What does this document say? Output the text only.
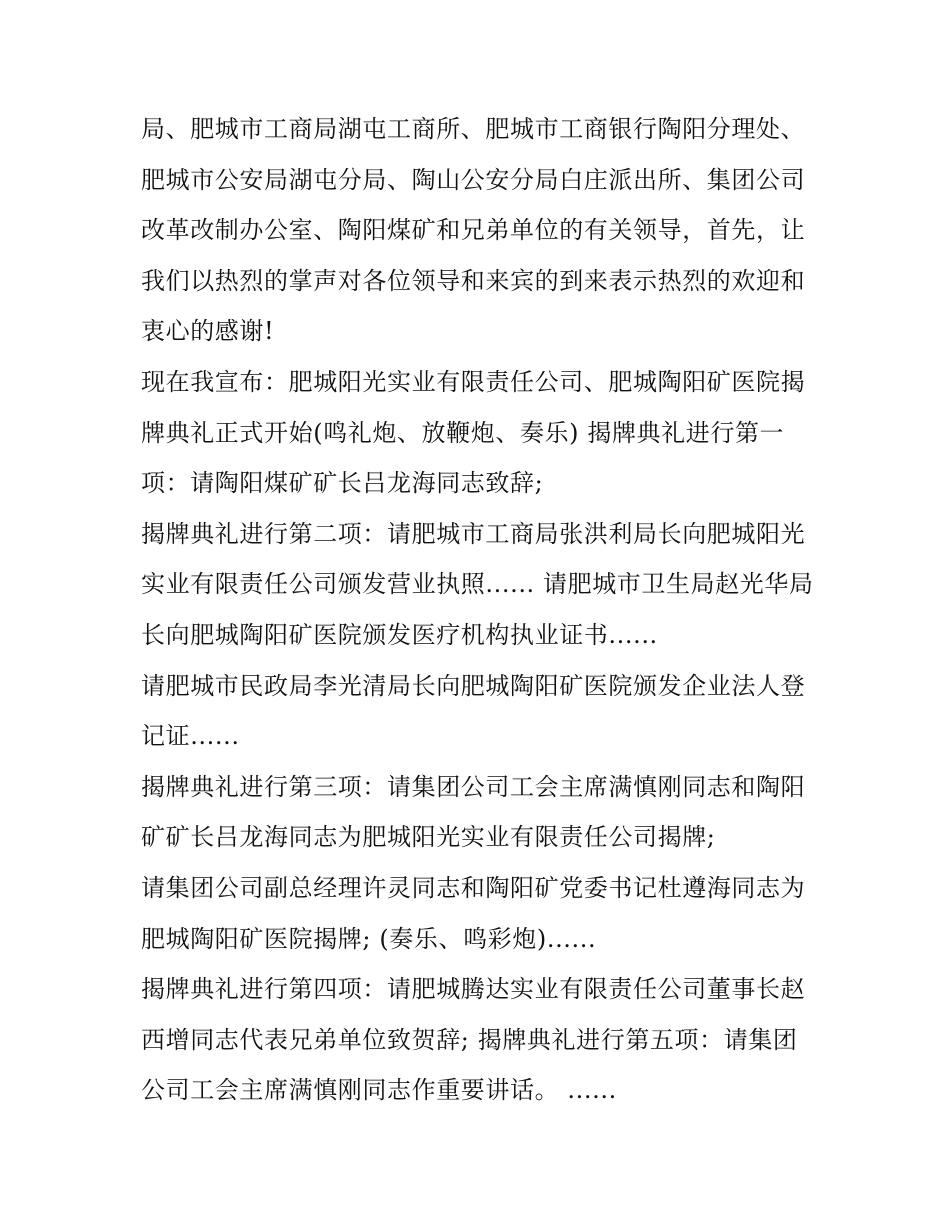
局、肥城市工商局湖屯工商所、肥城市工商银行陶阳分理处、
肥城市公安局湖屯分局、陶山公安分局白庄派出所、集团公司
改革改制办公室、陶阳煤矿和兄弟单位的有关领导，首先，让
我们以热烈的掌声对各位领导和来宾的到来表示热烈的欢迎和
衷心的感谢!
现在我宣布：肥城阳光实业有限责任公司、肥城陶阳矿医院揭
牌典礼正式开始(鸣礼炮、放鞭炮、奏乐) 揭牌典礼进行第一
项：请陶阳煤矿矿长吕龙海同志致辞;
揭牌典礼进行第二项：请肥城市工商局张洪利局长向肥城阳光
实业有限责任公司颁发营业执照...... 请肥城市卫生局赵光华局
长向肥城陶阳矿医院颁发医疗机构执业证书......
请肥城市民政局李光清局长向肥城陶阳矿医院颁发企业法人登
记证......
揭牌典礼进行第三项：请集团公司工会主席满慎刚同志和陶阳
矿矿长吕龙海同志为肥城阳光实业有限责任公司揭牌;
请集团公司副总经理许灵同志和陶阳矿党委书记杜遵海同志为
肥城陶阳矿医院揭牌; (奏乐、鸣彩炮)......
揭牌典礼进行第四项：请肥城腾达实业有限责任公司董事长赵
西增同志代表兄弟单位致贺辞; 揭牌典礼进行第五项：请集团
公司工会主席满慎刚同志作重要讲话。 ......
